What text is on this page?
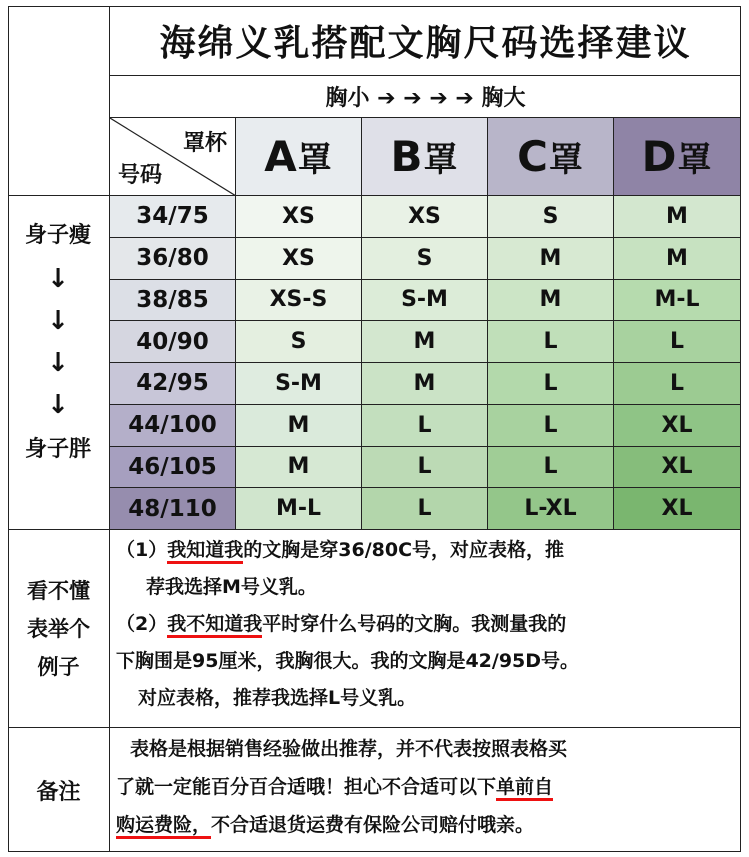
海绵义乳搭配文胸尺码选择建议
胸小 ➔ ➔ ➔ ➔ 胸大
罩杯
号码 A 罩 B 罩 C 罩 D 罩
身子瘦
↓
↓
↓
↓
身子胖
34/75	XS	XS	S	M
36/80	XS	S	M	M
38/85	XS-S	S-M	M	M-L
40/90	S	M	L	L
42/95	S-M	M	L	L
44/100	M	L	L	XL
46/105	M	L	L	XL
48/110	M-L	L	L-XL	XL
看不懂
表举个
例子
（1）我知道我的文胸是穿36/80C号，对应表格，推
荐我选择M号义乳。
（2）我不知道我平时穿什么号码的文胸。我测量我的
下胸围是95厘米，我胸很大。我的文胸是42/95D号。
对应表格，推荐我选择L号义乳。
备注
表格是根据销售经验做出推荐，并不代表按照表格买
了就一定能百分百合适哦！担心不合适可以下单前自
购运费险，不合适退货运费有保险公司赔付哦亲。
